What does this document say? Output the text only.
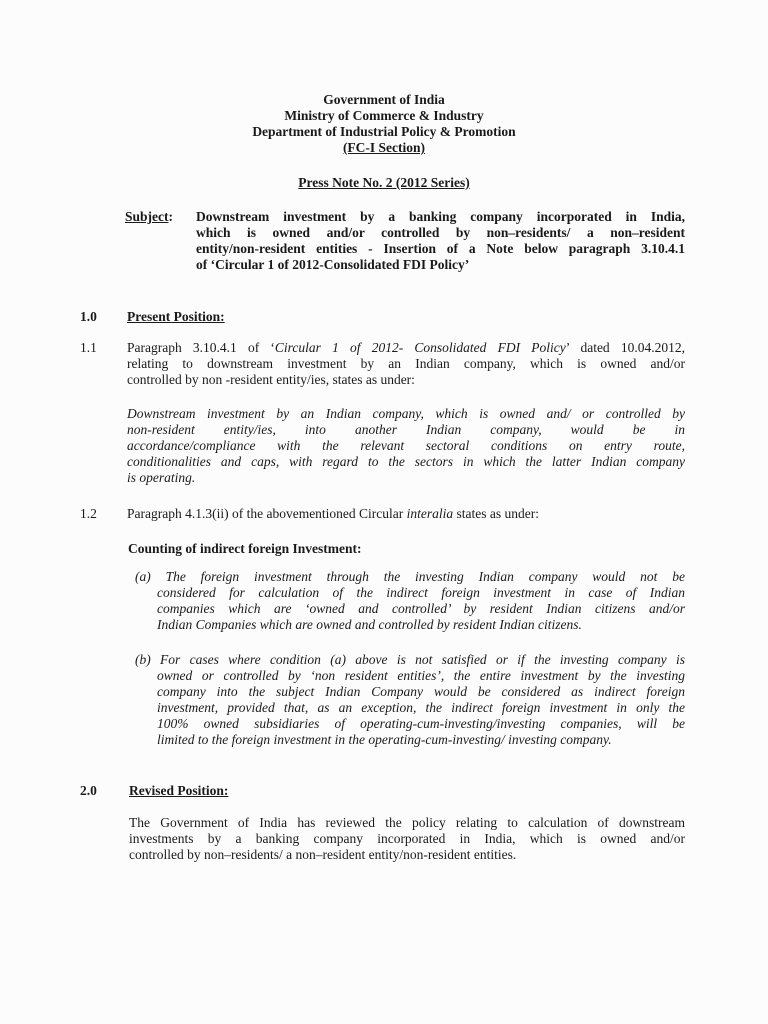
Government of India
Ministry of Commerce & Industry
Department of Industrial Policy & Promotion
(FC-I Section)
Press Note No. 2 (2012 Series)
Subject: Downstream investment by a banking company incorporated in India,
which is owned and/or controlled by non–residents/ a non–resident
entity/non-resident entities - Insertion of a Note below paragraph 3.10.4.1
of ‘Circular 1 of 2012-Consolidated FDI Policy’
1.0 Present Position:
1.1 Paragraph 3.10.4.1 of ‘Circular 1 of 2012- Consolidated FDI Policy’ dated 10.04.2012,
relating to downstream investment by an Indian company, which is owned and/or
controlled by non -resident entity/ies, states as under:
Downstream investment by an Indian company, which is owned and/ or controlled by
non-resident entity/ies, into another Indian company, would be in
accordance/compliance with the relevant sectoral conditions on entry route,
conditionalities and caps, with regard to the sectors in which the latter Indian company
is operating.
1.2 Paragraph 4.1.3(ii) of the abovementioned Circular interalia states as under:
Counting of indirect foreign Investment:
(a) The foreign investment through the investing Indian company would not be
considered for calculation of the indirect foreign investment in case of Indian
companies which are ‘owned and controlled’ by resident Indian citizens and/or
Indian Companies which are owned and controlled by resident Indian citizens.
(b) For cases where condition (a) above is not satisfied or if the investing company is
owned or controlled by ‘non resident entities’, the entire investment by the investing
company into the subject Indian Company would be considered as indirect foreign
investment, provided that, as an exception, the indirect foreign investment in only the
100% owned subsidiaries of operating-cum-investing/investing companies, will be
limited to the foreign investment in the operating-cum-investing/ investing company.
2.0 Revised Position:
The Government of India has reviewed the policy relating to calculation of downstream
investments by a banking company incorporated in India, which is owned and/or
controlled by non–residents/ a non–resident entity/non-resident entities.
